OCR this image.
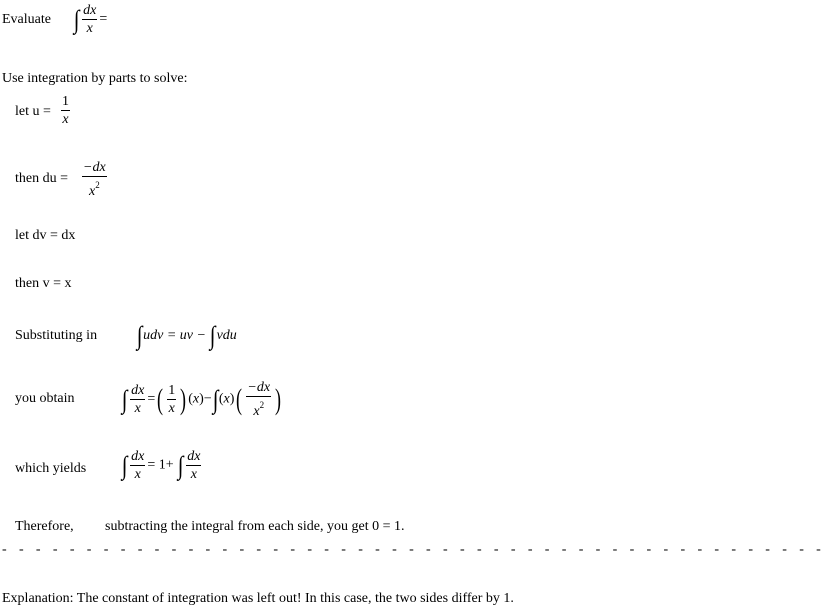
Evaluate ∫ $\frac{dx}{x}$ =
Use integration by parts to solve:
let $u = \frac{1}{x}$
then du = $\frac{-dx}{x^2}$
let dv = dx
then v = x
Substituting in ∫udv = uv − ∫vdu
you obtain ∫ $\frac{dx}{x}$ =( $\frac{1}{x}$ ) $(x)-\int(x)( \frac{-dx}{x^2}$ )
which yields ∫ $\frac{dx}{x} = 1+$ ∫ $\frac{dx}{x}$
Therefore, subtracting the integral from each side, you get 0 = 1.
- - - - - - - - - - - - - - - - - - - - - - - - - - - - - - - - - - - - - - - - - - - - - - - - -
Explanation: The constant of integration was left out! In this case, the two sides differ by 1.
